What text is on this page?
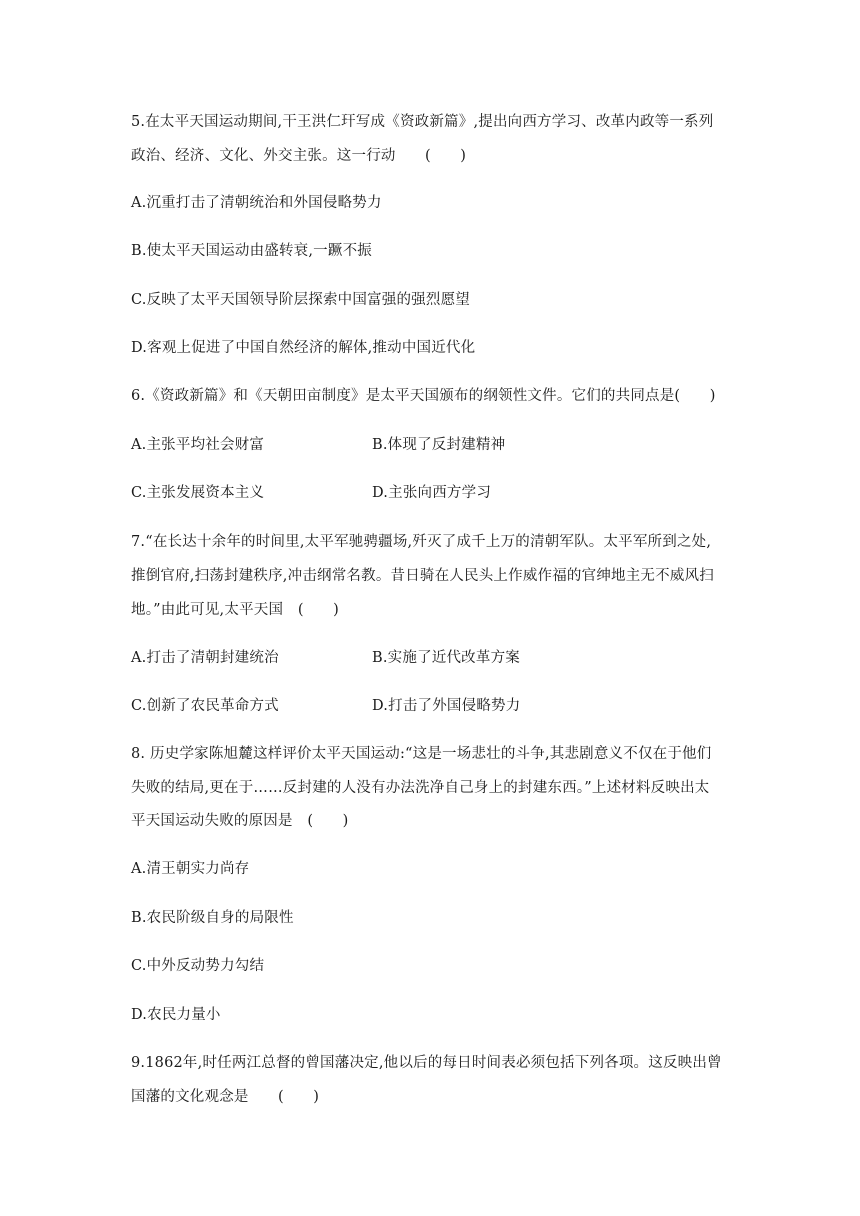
5.在太平天国运动期间,干王洪仁玕写成《资政新篇》,提出向西方学习、改革内政等一系列
政治、经济、文化、外交主张。这一行动　　(　　)
A.沉重打击了清朝统治和外国侵略势力
B.使太平天国运动由盛转衰,一蹶不振
C.反映了太平天国领导阶层探索中国富强的强烈愿望
D.客观上促进了中国自然经济的解体,推动中国近代化
6.《资政新篇》和《天朝田亩制度》是太平天国颁布的纲领性文件。它们的共同点是(　　)
A.主张平均社会财富	B.体现了反封建精神
C.主张发展资本主义	D.主张向西方学习
7.“在长达十余年的时间里,太平军驰骋疆场,歼灭了成千上万的清朝军队。太平军所到之处,
推倒官府,扫荡封建秩序,冲击纲常名教。昔日骑在人民头上作威作福的官绅地主无不威风扫
地。”由此可见,太平天国　(　　)
A.打击了清朝封建统治	B.实施了近代改革方案
C.创新了农民革命方式	D.打击了外国侵略势力
8. 历史学家陈旭麓这样评价太平天国运动:“这是一场悲壮的斗争,其悲剧意义不仅在于他们
失败的结局,更在于……反封建的人没有办法洗净自己身上的封建东西。”上述材料反映出太
平天国运动失败的原因是　(　　)
A.清王朝实力尚存
B.农民阶级自身的局限性
C.中外反动势力勾结
D.农民力量小
9.1862年,时任两江总督的曾国藩决定,他以后的每日时间表必须包括下列各项。这反映出曾
国藩的文化观念是　　(　　)
